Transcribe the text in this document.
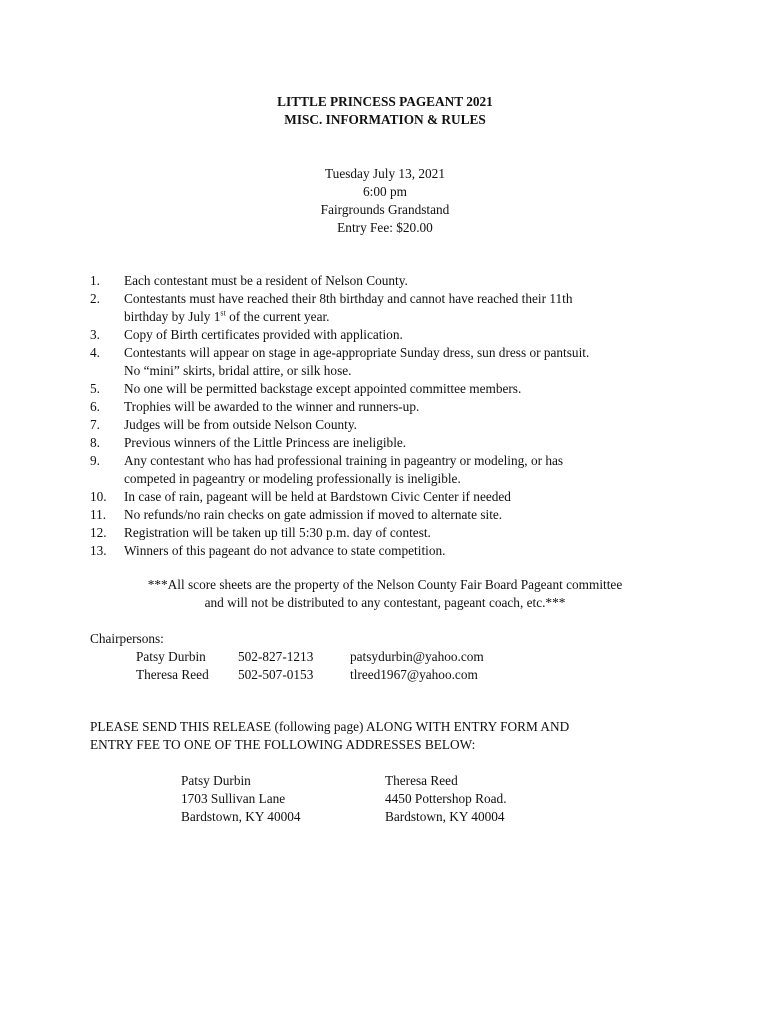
LITTLE PRINCESS PAGEANT 2021
MISC. INFORMATION & RULES
Tuesday July 13, 2021
6:00 pm
Fairgrounds Grandstand
Entry Fee: $20.00
1.	Each contestant must be a resident of Nelson County.
2.	Contestants must have reached their 8th birthday and cannot have reached their 11th
birthday by July 1st of the current year.
3.	Copy of Birth certificates provided with application.
4.	Contestants will appear on stage in age-appropriate Sunday dress, sun dress or pantsuit.
No “mini” skirts, bridal attire, or silk hose.
5.	No one will be permitted backstage except appointed committee members.
6.	Trophies will be awarded to the winner and runners-up.
7.	Judges will be from outside Nelson County.
8.	Previous winners of the Little Princess are ineligible.
9.	Any contestant who has had professional training in pageantry or modeling, or has
competed in pageantry or modeling professionally is ineligible.
10.	In case of rain, pageant will be held at Bardstown Civic Center if needed
11.	No refunds/no rain checks on gate admission if moved to alternate site.
12.	Registration will be taken up till 5:30 p.m. day of contest.
13.	Winners of this pageant do not advance to state competition.
***All score sheets are the property of the Nelson County Fair Board Pageant committee
and will not be distributed to any contestant, pageant coach, etc.***
Chairpersons:
Patsy Durbin	502-827-1213	patsydurbin@yahoo.com
Theresa Reed	502-507-0153	tlreed1967@yahoo.com
PLEASE SEND THIS RELEASE (following page) ALONG WITH ENTRY FORM AND
ENTRY FEE TO ONE OF THE FOLLOWING ADDRESSES BELOW:
Patsy Durbin
1703 Sullivan Lane
Bardstown, KY 40004
Theresa Reed
4450 Pottershop Road.
Bardstown, KY 40004
